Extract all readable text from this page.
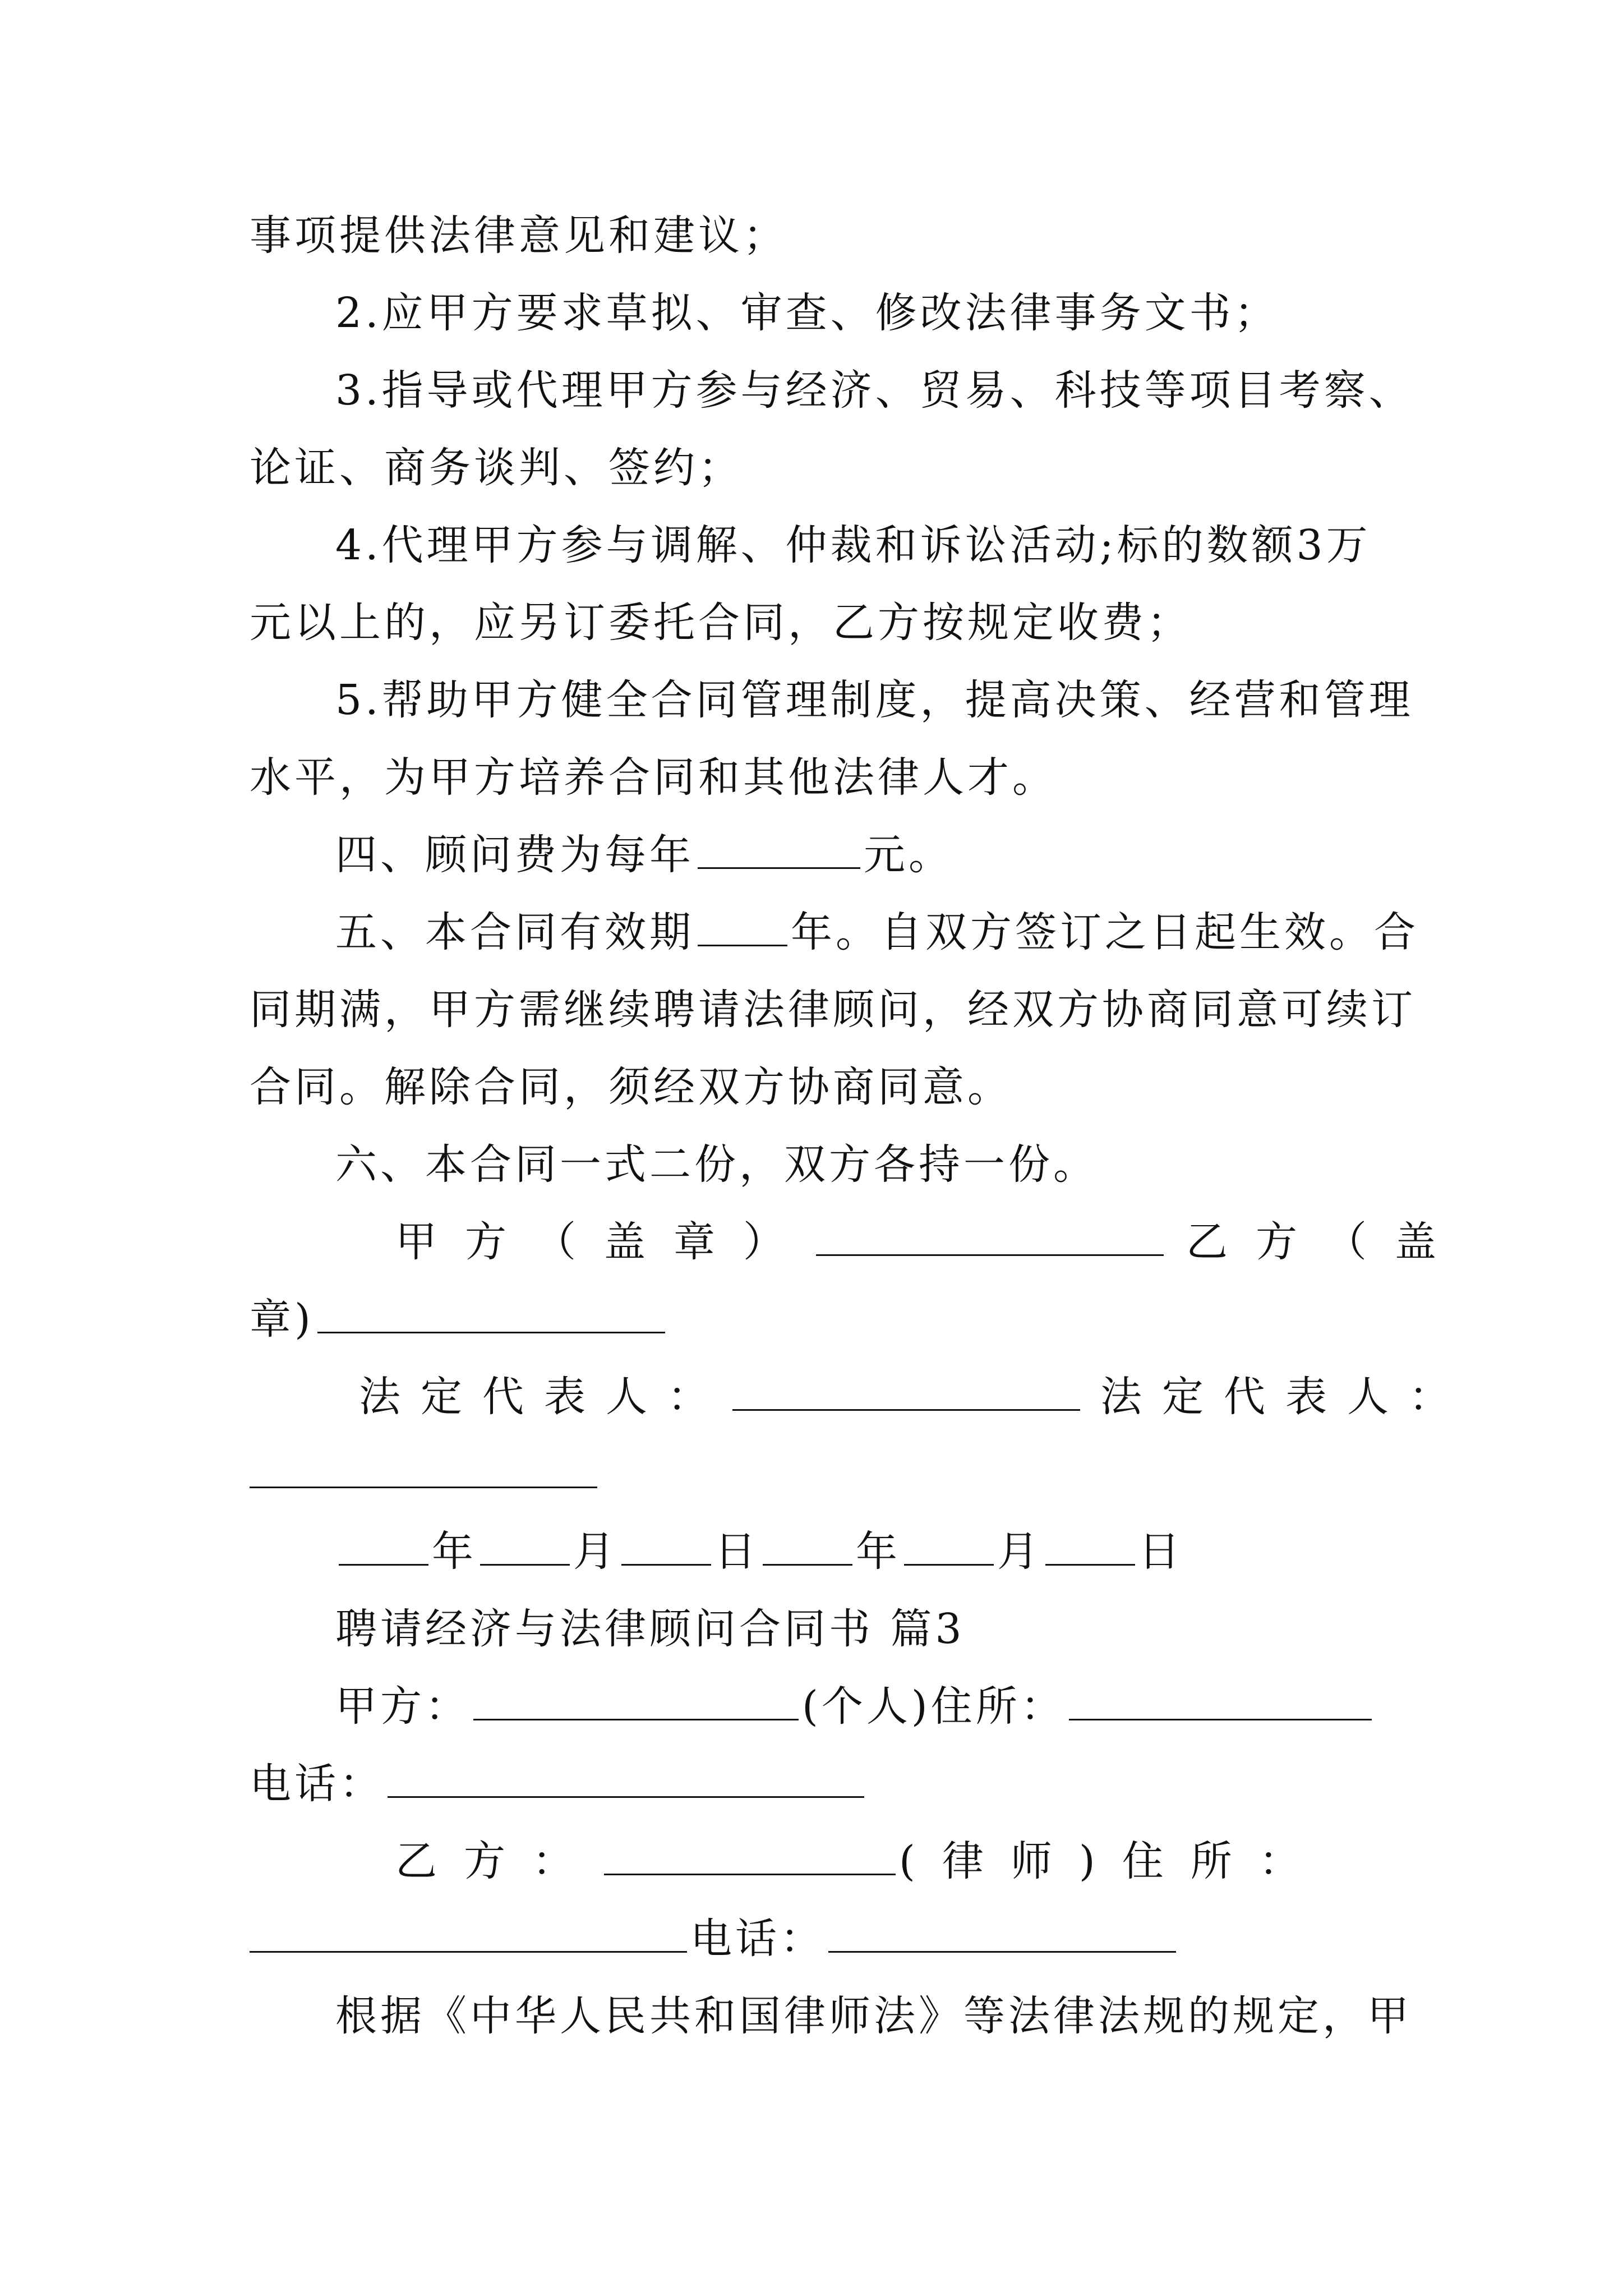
事项提供法律意见和建议；
2.应甲方要求草拟、审查、修改法律事务文书；
3.指导或代理甲方参与经济、贸易、科技等项目考察、
论证、商务谈判、签约；
4.代理甲方参与调解、仲裁和诉讼活动;标的数额3万
元以上的，应另订委托合同，乙方按规定收费；
5.帮助甲方健全合同管理制度，提高决策、经营和管理
水平，为甲方培养合同和其他法律人才。
四、顾问费为每年	元。
五、本合同有效期 年。自双方签订之日起生效。合
同期满，甲方需继续聘请法律顾问，经双方协商同意可续订
合同。解除合同，须经双方协商同意。
六、本合同一式二份，双方各持一份。
甲方（盖章）	乙方（盖
章)
法定代表人：	法定代表人：
年 月 日 年 月 日
聘请经济与法律顾问合同书 篇3
甲方：	(个人)住所：
电话：
乙方：	(律师)住所：
电话：
根据《中华人民共和国律师法》等法律法规的规定，甲
